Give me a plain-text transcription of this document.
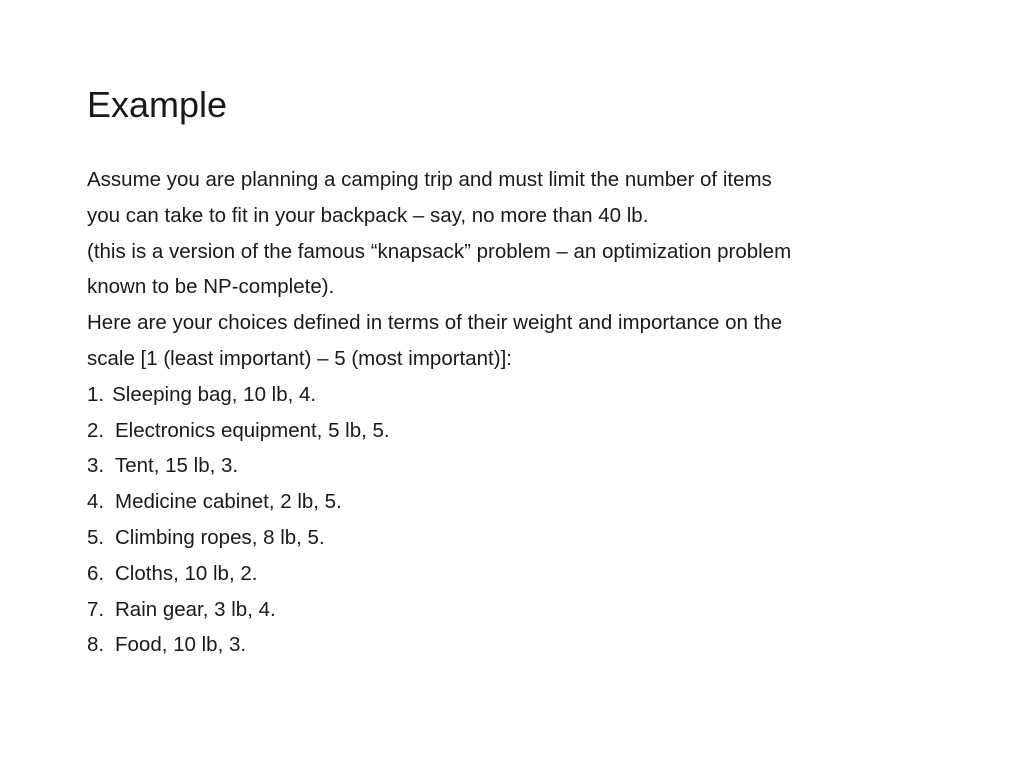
Example
Assume you are planning a camping trip and must limit the number of items
you can take to fit in your backpack – say, no more than 40 lb.
(this is a version of the famous “knapsack” problem – an optimization problem
known to be NP-complete).
Here are your choices defined in terms of their weight and importance on the
scale [1 (least important) – 5 (most important)]:
1. Sleeping bag, 10 lb, 4.
2. Electronics equipment, 5 lb, 5.
3. Tent, 15 lb, 3.
4. Medicine cabinet, 2 lb, 5.
5. Climbing ropes, 8 lb, 5.
6. Cloths, 10 lb, 2.
7. Rain gear, 3 lb, 4.
8. Food, 10 lb, 3.
